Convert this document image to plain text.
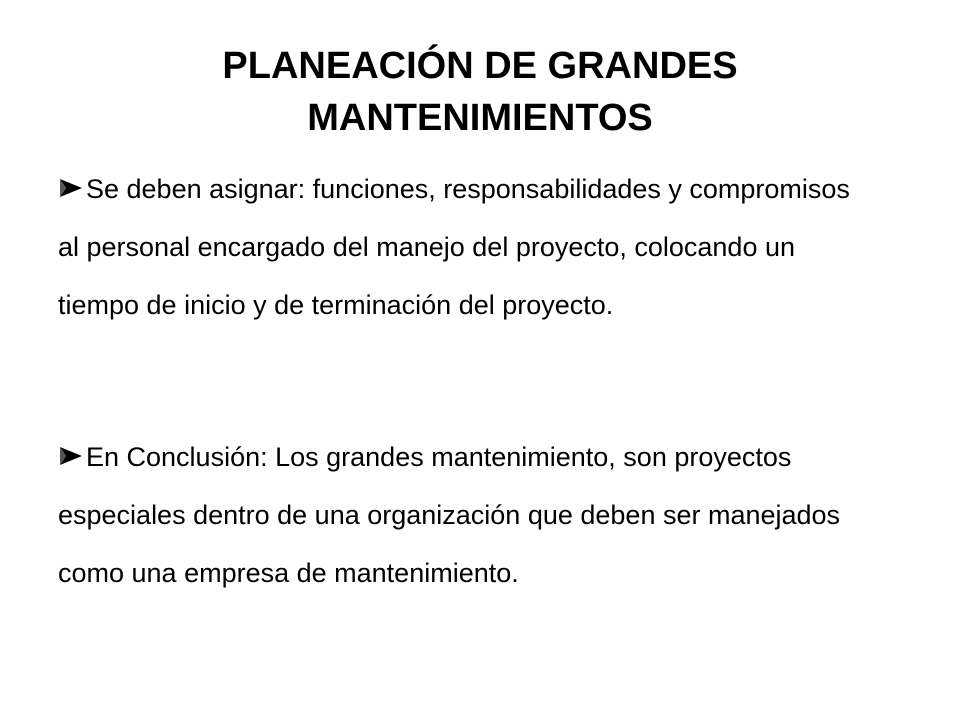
PLANEACIÓN DE GRANDES
MANTENIMIENTOS
Se deben asignar: funciones, responsabilidades y compromisos al personal encargado del manejo del proyecto, colocando un tiempo de inicio y de terminación del proyecto.
En Conclusión: Los grandes mantenimiento, son proyectos especiales dentro de una organización que deben ser manejados como una empresa de mantenimiento.
